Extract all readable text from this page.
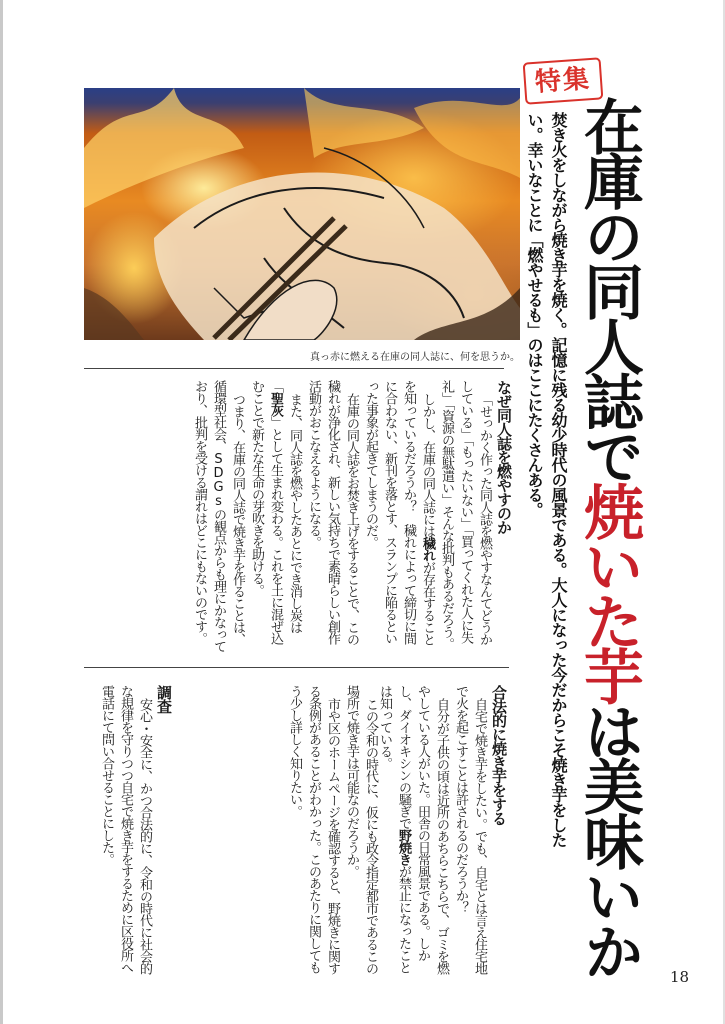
真っ赤に燃える在庫の同人誌に、何を思うか。
特集
在庫の同人誌で焼いた芋は美味いか
焚き火をしながら焼き芋を焼く。記憶に残る幼少時代の風景である。大人になった今だからこそ焼き芋をしたい。幸いなことに「燃やせるも」のはここにたくさんある。
なぜ同人誌を燃やすのか

「せっかく作った同人誌を燃やすなんてどうかしている」「もったいない」「買ってくれた人に失礼」「資源の無駄遣い」そんな批判もあるだろう。

しかし、在庫の同人誌には穢れが存在することを知っているだろうか？　穢れによって締切に間に合わない、新刊を落とす、スランプに陥るといった事象が起きてしまうのだ。

在庫の同人誌をお焚き上げをすることで、この穢れが浄化され、新しい気持ちで素晴らしい創作活動がおこなえるようになる。

また、同人誌を燃やしたあとにでき消し炭は「聖灰」として生まれ変わる。これを土に混ぜ込むことで新たな生命の芽吹きを助ける。

つまり、在庫の同人誌で焼き芋を作ることは、循環型社会、SDGsの観点からも理にかなっており、批判を受ける謂れはどこにもないのです。

合法的に焼き芋をする

自宅で焼き芋をしたい。でも、自宅とは言え住宅地で火を起こすことは許されるのだろうか？

自分が子供の頃は近所のあちらこちらで、ゴミを燃やしている人がいた。田舎の日常風景である。しかし、ダイオキシンの騒ぎで野焼きが禁止になったことは知っている。

この令和の時代に、仮にも政令指定都市であるこの場所で焼き芋は可能なのだろうか。

市や区のホームページを確認すると、野焼きに関する条例があることがわかった。このあたりに関してもう少し詳しく知りたい。

調査

安心・安全に、かつ合法的に、令和の時代に社会的な規律を守りつつ自宅で焼き芋をするために区役所へ電話にて問い合せることにした。

18
